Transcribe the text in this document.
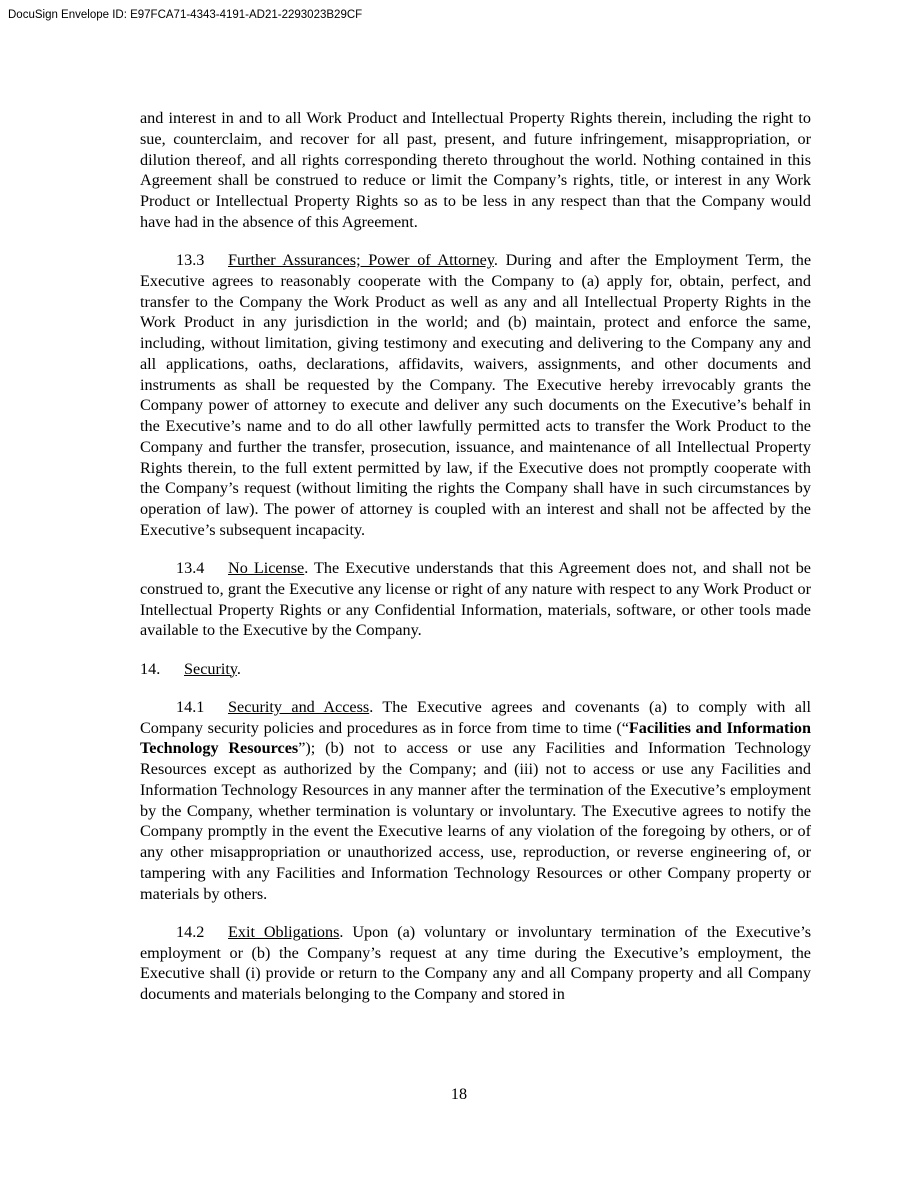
DocuSign Envelope ID: E97FCA71-4343-4191-AD21-2293023B29CF

and interest in and to all Work Product and Intellectual Property Rights therein, including the right to sue, counterclaim, and recover for all past, present, and future infringement, misappropriation, or dilution thereof, and all rights corresponding thereto throughout the world. Nothing contained in this Agreement shall be construed to reduce or limit the Company’s rights, title, or interest in any Work Product or Intellectual Property Rights so as to be less in any respect than that the Company would have had in the absence of this Agreement.

13.3 Further Assurances; Power of Attorney. During and after the Employment Term, the Executive agrees to reasonably cooperate with the Company to (a) apply for, obtain, perfect, and transfer to the Company the Work Product as well as any and all Intellectual Property Rights in the Work Product in any jurisdiction in the world; and (b) maintain, protect and enforce the same, including, without limitation, giving testimony and executing and delivering to the Company any and all applications, oaths, declarations, affidavits, waivers, assignments, and other documents and instruments as shall be requested by the Company. The Executive hereby irrevocably grants the Company power of attorney to execute and deliver any such documents on the Executive’s behalf in the Executive’s name and to do all other lawfully permitted acts to transfer the Work Product to the Company and further the transfer, prosecution, issuance, and maintenance of all Intellectual Property Rights therein, to the full extent permitted by law, if the Executive does not promptly cooperate with the Company’s request (without limiting the rights the Company shall have in such circumstances by operation of law). The power of attorney is coupled with an interest and shall not be affected by the Executive’s subsequent incapacity.

13.4 No License. The Executive understands that this Agreement does not, and shall not be construed to, grant the Executive any license or right of any nature with respect to any Work Product or Intellectual Property Rights or any Confidential Information, materials, software, or other tools made available to the Executive by the Company.

14. Security.

14.1 Security and Access. The Executive agrees and covenants (a) to comply with all Company security policies and procedures as in force from time to time (“Facilities and Information Technology Resources”); (b) not to access or use any Facilities and Information Technology Resources except as authorized by the Company; and (iii) not to access or use any Facilities and Information Technology Resources in any manner after the termination of the Executive’s employment by the Company, whether termination is voluntary or involuntary. The Executive agrees to notify the Company promptly in the event the Executive learns of any violation of the foregoing by others, or of any other misappropriation or unauthorized access, use, reproduction, or reverse engineering of, or tampering with any Facilities and Information Technology Resources or other Company property or materials by others.

14.2 Exit Obligations. Upon (a) voluntary or involuntary termination of the Executive’s employment or (b) the Company’s request at any time during the Executive’s employment, the Executive shall (i) provide or return to the Company any and all Company property and all Company documents and materials belonging to the Company and stored in

18
